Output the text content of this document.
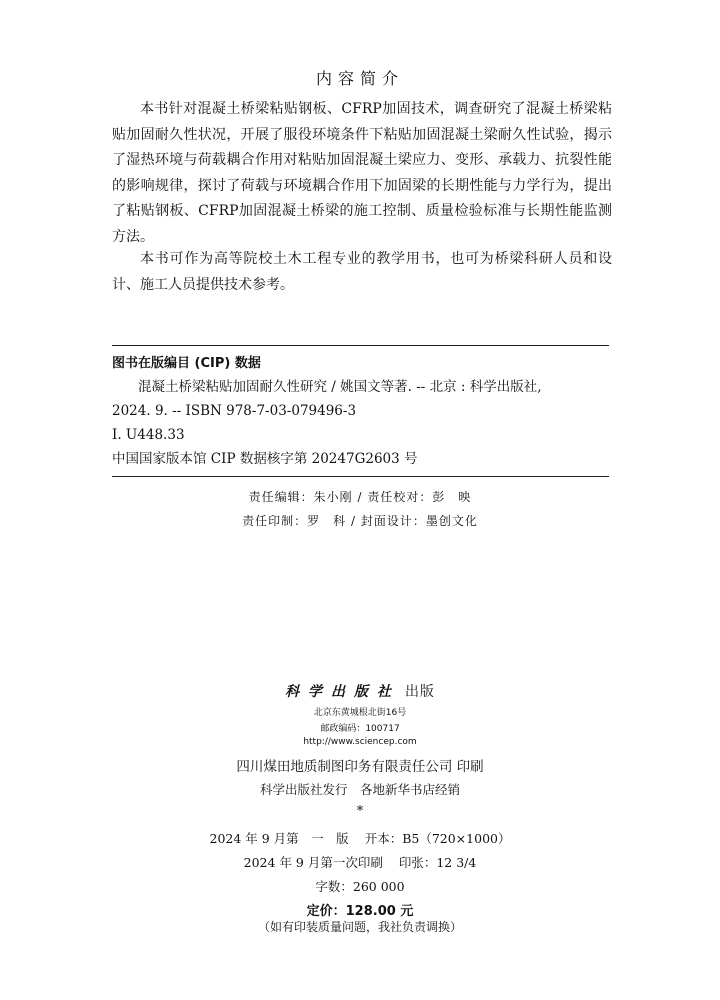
内容简介

本书针对混凝土桥梁粘贴钢板、CFRP加固技术，调查研究了混凝土桥梁粘贴加固耐久性状况，开展了服役环境条件下粘贴加固混凝土梁耐久性试验，揭示了湿热环境与荷载耦合作用对粘贴加固混凝土梁应力、变形、承载力、抗裂性能的影响规律，探讨了荷载与环境耦合作用下加固梁的长期性能与力学行为，提出了粘贴钢板、CFRP加固混凝土桥梁的施工控制、质量检验标准与长期性能监测方法。

本书可作为高等院校土木工程专业的教学用书，也可为桥梁科研人员和设计、施工人员提供技术参考。

图书在版编目 (CIP) 数据
混凝土桥梁粘贴加固耐久性研究 / 姚国文等著. -- 北京 : 科学出版社,
2024. 9. -- ISBN 978-7-03-079496-3
Ⅰ. U448.33
中国国家版本馆 CIP 数据核字第 20247G2603 号
责任编辑：朱小刚 / 责任校对：彭　映
责任印制：罗　科 / 封面设计：墨创文化
科学出版社 出版
北京东黄城根北街16号
邮政编码：100717
http://www.sciencep.com
四川煤田地质制图印务有限责任公司 印刷
科学出版社发行　各地新华书店经销
*
2024 年 9 月第　一　版 开本：B5（720×1000）
2024 年 9 月第一次印刷 印张：12 3/4
字数：260 000
定价：128.00 元
（如有印装质量问题，我社负责调换）
